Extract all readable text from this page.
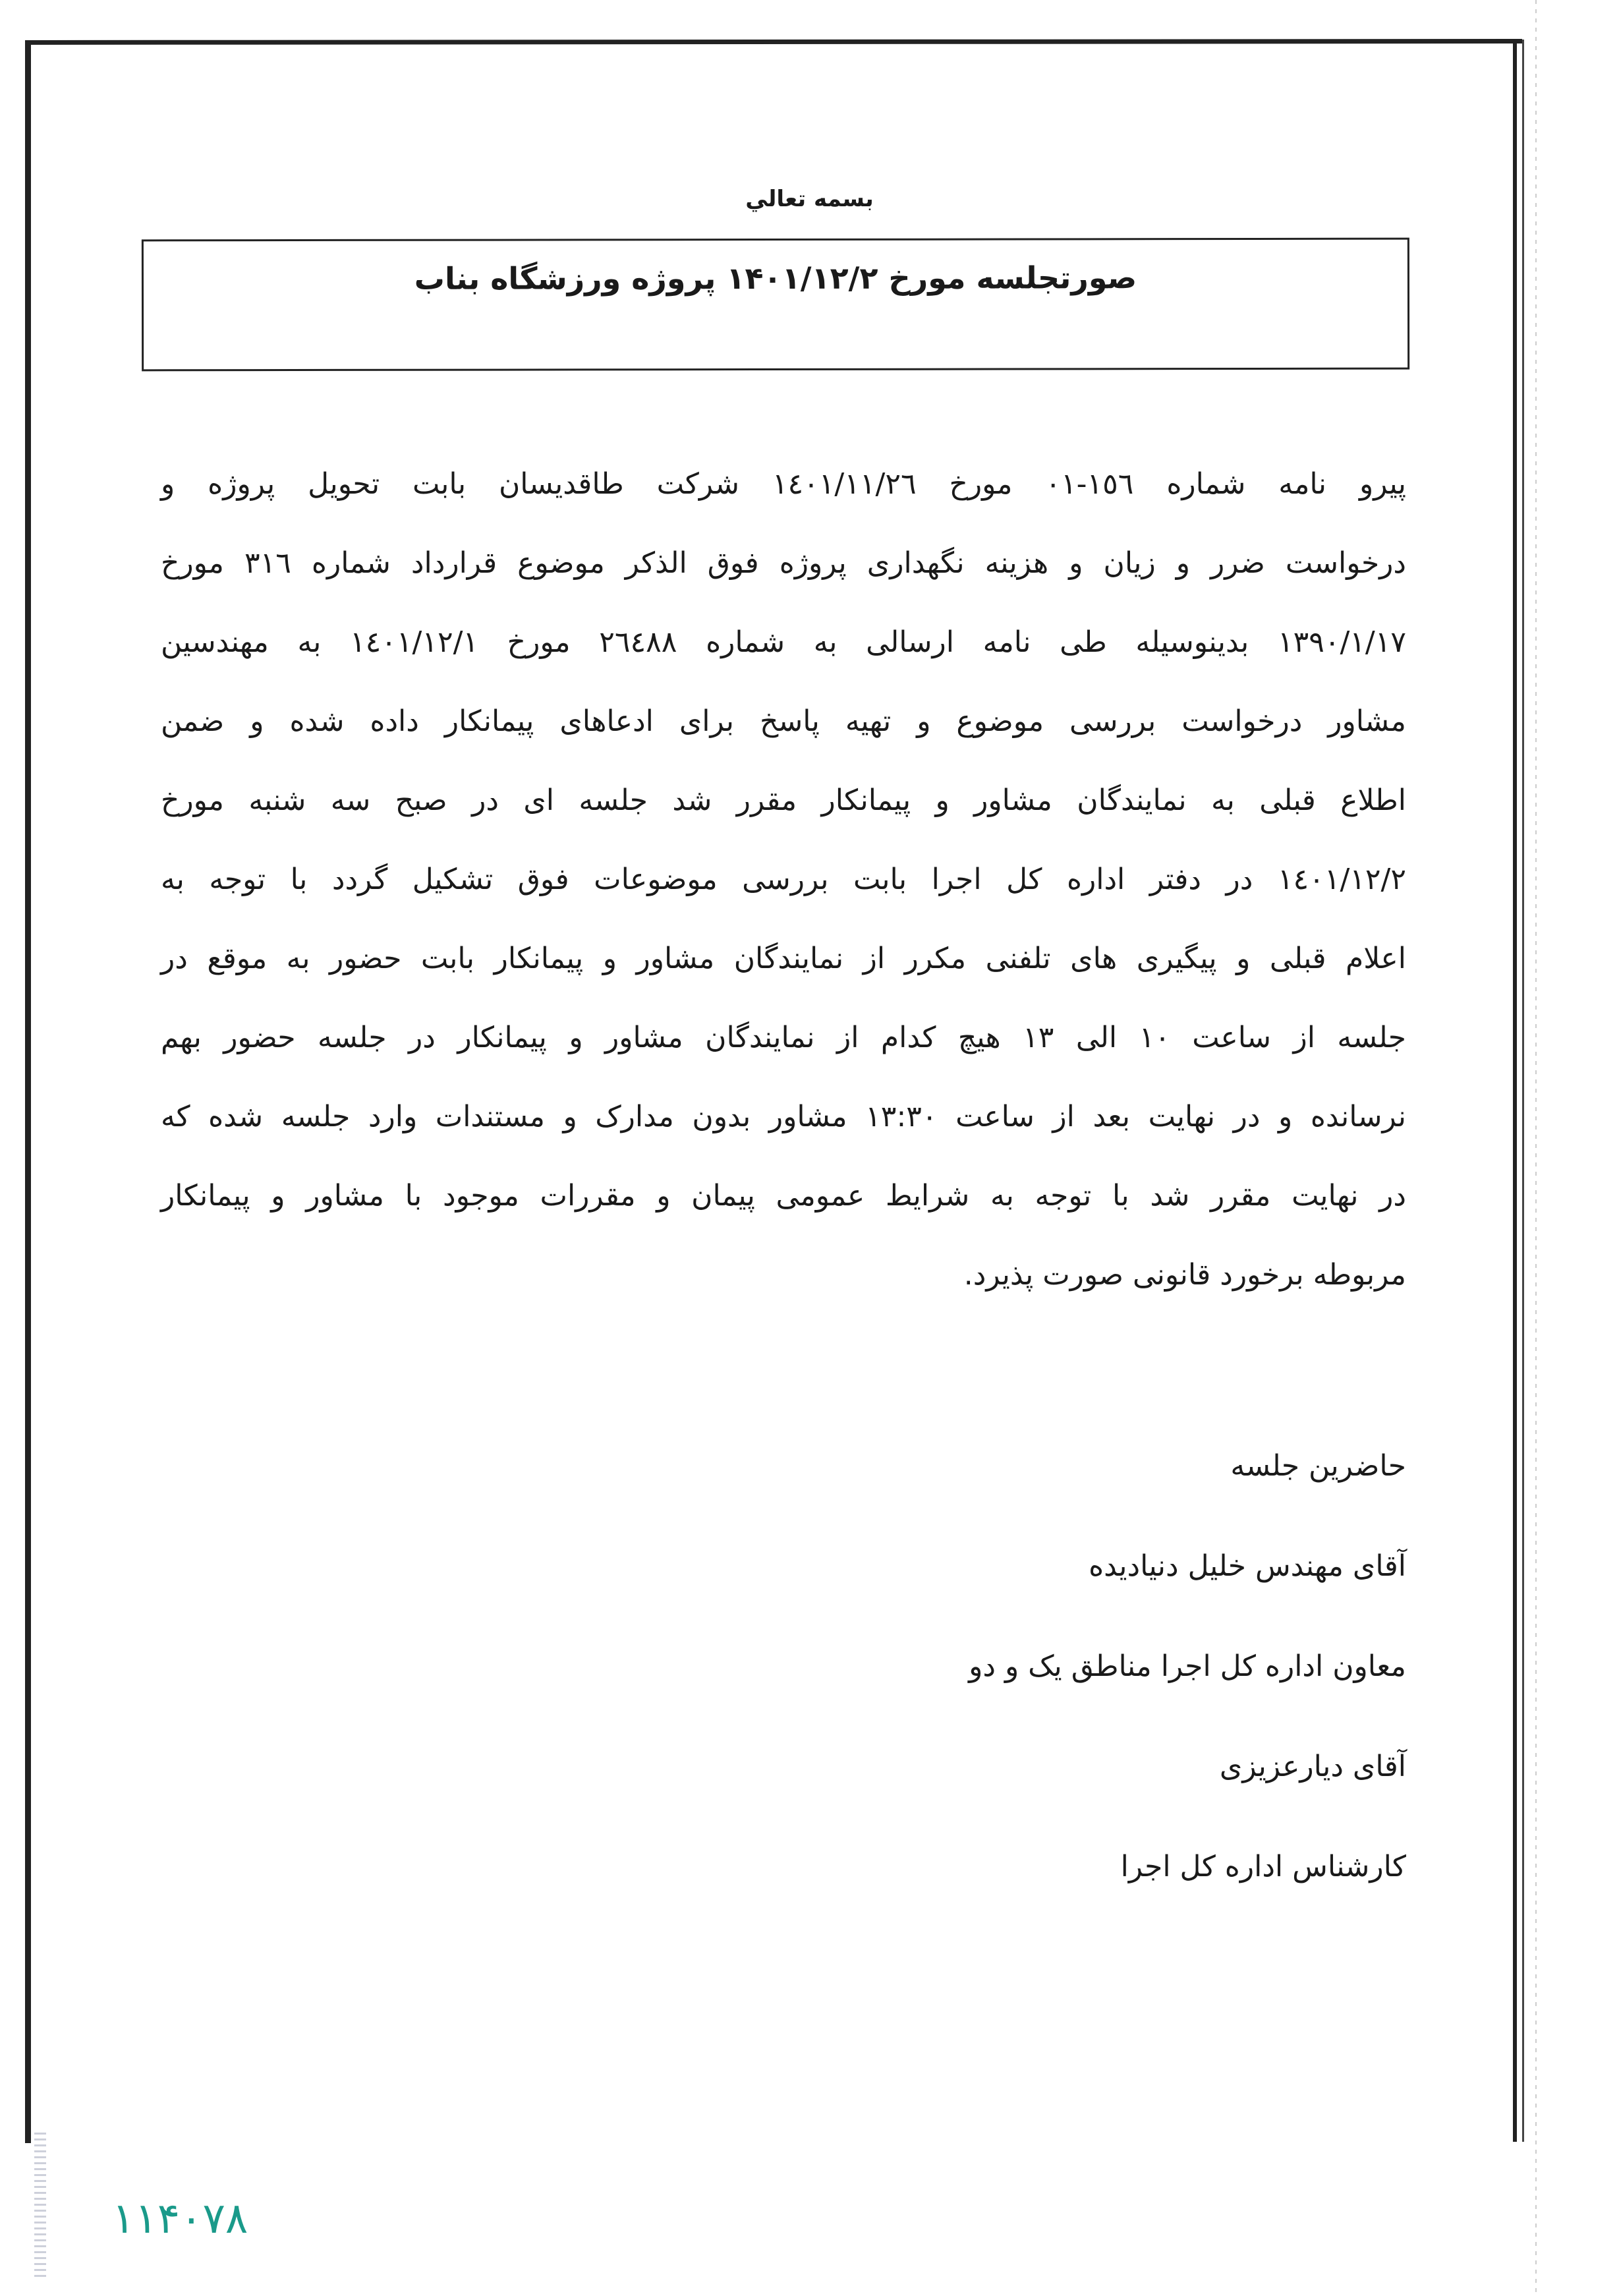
بسمه تعالي
صورتجلسه مورخ ۱۴۰۱/۱۲/۲ پروژه ورزشگاه بناب
پیرو نامه شماره ١٥٦-٠١ مورخ ١٤٠١/١١/٢٦ شرکت طاقدیسان بابت تحویل پروژه و
درخواست ضرر و زیان و هزینه نگهداری پروژه فوق الذکر موضوع قرارداد شماره ٣١٦ مورخ
١٣٩٠/١/١٧ بدینوسیله طی نامه ارسالی به شماره ٢٦٤٨٨ مورخ ١٤٠١/١٢/١ به مهندسین
مشاور درخواست بررسی موضوع و تهیه پاسخ برای ادعاهای پیمانکار داده شده و ضمن
اطلاع قبلی به نمایندگان مشاور و پیمانکار مقرر شد جلسه ای در صبح سه شنبه مورخ
١٤٠١/١٢/٢ در دفتر اداره کل اجرا بابت بررسی موضوعات فوق تشکیل گردد با توجه به
اعلام قبلی و پیگیری های تلفنی مکرر از نمایندگان مشاور و پیمانکار بابت حضور به موقع در
جلسه از ساعت ١٠ الی ١٣ هیچ کدام از نمایندگان مشاور و پیمانکار در جلسه حضور بهم
نرسانده و در نهایت بعد از ساعت ١٣:٣٠ مشاور بدون مدارک و مستندات وارد جلسه شده که
در نهایت مقرر شد با توجه به شرایط عمومی پیمان و مقررات موجود با مشاور و پیمانکار
مربوطه برخورد قانونی صورت پذیرد.
حاضرین جلسه
آقای مهندس خلیل دنیادیده
معاون اداره کل اجرا مناطق یک و دو
آقای دیارعزیزی
کارشناس اداره کل اجرا
١١۴٠٧٨
